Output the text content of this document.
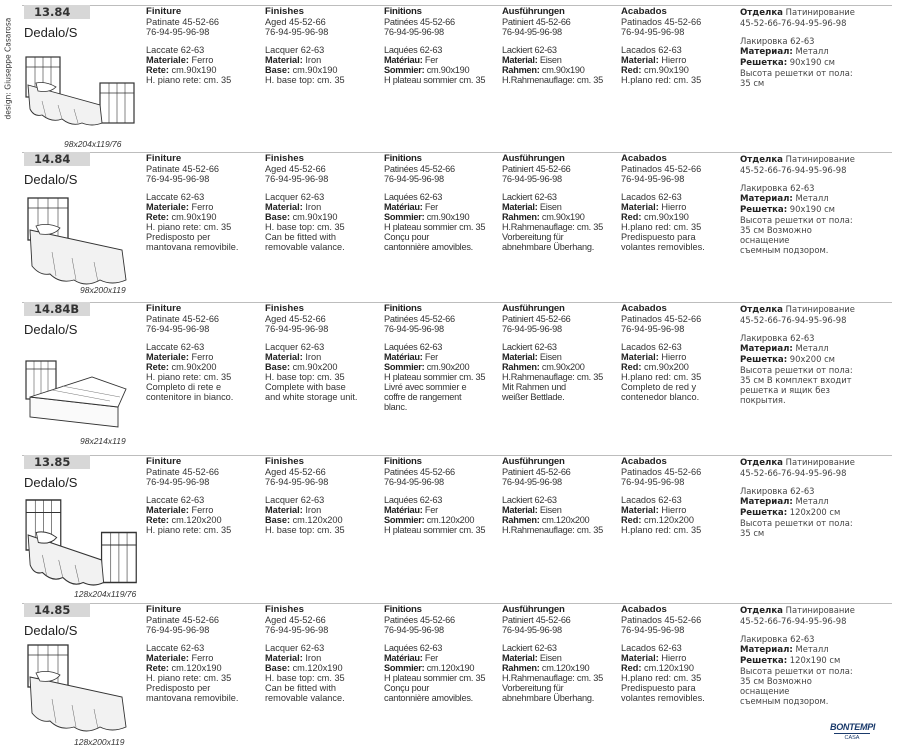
design: Giuseppe Casarosa
13.84
Dedalo/S
98x204x119/76
Finiture
Patinate 45-52-66
76-94-95-96-98
Laccate 62-63
Materiale: Ferro
Rete: cm.90x190
H. piano rete: cm. 35
Finishes
Aged 45-52-66
76-94-95-96-98
Lacquer 62-63
Material: Iron
Base: cm.90x190
H. base top: cm. 35
Finitions
Patinées 45-52-66
76-94-95-96-98
Laquées 62-63
Matériau: Fer
Sommier: cm.90x190
H plateau sommier cm. 35
Ausführungen
Patiniert 45-52-66
76-94-95-96-98
Lackiert 62-63
Material: Eisen
Rahmen: cm.90x190
H.Rahmenauflage: cm. 35
Acabados
Patinados 45-52-66
76-94-95-96-98
Lacados 62-63
Material: Hierro
Red: cm.90x190
H.plano red: cm. 35
Отделка Патинирование
45-52-66-76-94-95-96-98
Лакировка 62-63
Материал: Металл
Решетка: 90x190 см
Высота решетки от пола:
35 см
14.84
Dedalo/S
98x200x119
Finiture
Patinate 45-52-66
76-94-95-96-98
Laccate 62-63
Materiale: Ferro
Rete: cm.90x190
H. piano rete: cm. 35
Predisposto per
mantovana removibile.
Finishes
Aged 45-52-66
76-94-95-96-98
Lacquer 62-63
Material: Iron
Base: cm.90x190
H. base top: cm. 35
Can be fitted with
removable valance.
Finitions
Patinées 45-52-66
76-94-95-96-98
Laquées 62-63
Matériau: Fer
Sommier: cm.90x190
H plateau sommier cm. 35
Conçu pour
cantonnière amovibles.
Ausführungen
Patiniert 45-52-66
76-94-95-96-98
Lackiert 62-63
Material: Eisen
Rahmen: cm.90x190
H.Rahmenauflage: cm. 35
Vorbereitung für
abnehmbare Überhang.
Acabados
Patinados 45-52-66
76-94-95-96-98
Lacados 62-63
Material: Hierro
Red: cm.90x190
H.plano red: cm. 35
Predispuesto para
volantes removibles.
Отделка Патинирование
45-52-66-76-94-95-96-98
Лакировка 62-63
Материал: Металл
Решетка: 90x190 см
Высота решетки от пола:
35 см Возможно
оснащение
съемным подзором.
14.84B
Dedalo/S
98x214x119
Finiture
Patinate 45-52-66
76-94-95-96-98
Laccate 62-63
Materiale: Ferro
Rete: cm.90x200
H. piano rete: cm. 35
Completo di rete e
contenitore in bianco.
Finishes
Aged 45-52-66
76-94-95-96-98
Lacquer 62-63
Material: Iron
Base: cm.90x200
H. base top: cm. 35
Complete with base
and white storage unit.
Finitions
Patinées 45-52-66
76-94-95-96-98
Laquées 62-63
Matériau: Fer
Sommier: cm.90x200
H plateau sommier cm. 35
Livré avec sommier e
coffre de rangement
blanc.
Ausführungen
Patiniert 45-52-66
76-94-95-96-98
Lackiert 62-63
Material: Eisen
Rahmen: cm.90x200
H.Rahmenauflage: cm. 35
Mit Rahmen und
weißer Bettlade.
Acabados
Patinados 45-52-66
76-94-95-96-98
Lacados 62-63
Material: Hierro
Red: cm.90x200
H.plano red: cm. 35
Completo de red y
contenedor blanco.
Отделка Патинирование
45-52-66-76-94-95-96-98
Лакировка 62-63
Материал: Металл
Решетка: 90x200 см
Высота решетки от пола:
35 см В комплект входит
решетка и ящик без
покрытия.
13.85
Dedalo/S
128x204x119/76
Finiture
Patinate 45-52-66
76-94-95-96-98
Laccate 62-63
Materiale: Ferro
Rete: cm.120x200
H. piano rete: cm. 35
Finishes
Aged 45-52-66
76-94-95-96-98
Lacquer 62-63
Material: Iron
Base: cm.120x200
H. base top: cm. 35
Finitions
Patinées 45-52-66
76-94-95-96-98
Laquées 62-63
Matériau: Fer
Sommier: cm.120x200
H plateau sommier cm. 35
Ausführungen
Patiniert 45-52-66
76-94-95-96-98
Lackiert 62-63
Material: Eisen
Rahmen: cm.120x200
H.Rahmenauflage: cm. 35
Acabados
Patinados 45-52-66
76-94-95-96-98
Lacados 62-63
Material: Hierro
Red: cm.120x200
H.plano red: cm. 35
Отделка Патинирование
45-52-66-76-94-95-96-98
Лакировка 62-63
Материал: Металл
Решетка: 120x200 см
Высота решетки от пола:
35 см
14.85
Dedalo/S
128x200x119
Finiture
Patinate 45-52-66
76-94-95-96-98
Laccate 62-63
Materiale: Ferro
Rete: cm.120x190
H. piano rete: cm. 35
Predisposto per
mantovana removibile.
Finishes
Aged 45-52-66
76-94-95-96-98
Lacquer 62-63
Material: Iron
Base: cm.120x190
H. base top: cm. 35
Can be fitted with
removable valance.
Finitions
Patinées 45-52-66
76-94-95-96-98
Laquées 62-63
Matériau: Fer
Sommier: cm.120x190
H plateau sommier cm. 35
Conçu pour
cantonnière amovibles.
Ausführungen
Patiniert 45-52-66
76-94-95-96-98
Lackiert 62-63
Material: Eisen
Rahmen: cm.120x190
H.Rahmenauflage: cm. 35
Vorbereitung für
abnehmbare Überhang.
Acabados
Patinados 45-52-66
76-94-95-96-98
Lacados 62-63
Material: Hierro
Red: cm.120x190
H.plano red: cm. 35
Predispuesto para
volantes removibles.
Отделка Патинирование
45-52-66-76-94-95-96-98
Лакировка 62-63
Материал: Металл
Решетка: 120x190 см
Высота решетки от пола:
35 см Возможно
оснащение
съемным подзором.
BONTEMPI
CASA
